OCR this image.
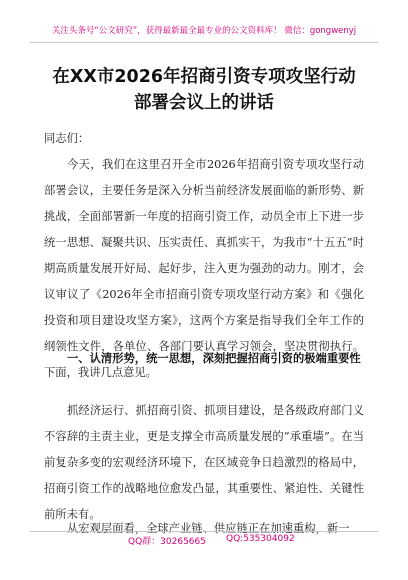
关注头条号“公文研究”，获得最新最全最专业的公文资料库！ 微信：gongwenyj
在XX市2026年招商引资专项攻坚行动
部署会议上的讲话
同志们：
今天，我们在这里召开全市2026年招商引资专项攻坚行动部署会议，主要任务是深入分析当前经济发展面临的新形势、新挑战，全面部署新一年度的招商引资工作，动员全市上下进一步统一思想、凝聚共识、压实责任、真抓实干，为我市“十五五”时期高质量发展开好局、起好步，注入更为强劲的动力。刚才，会议审议了《2026年全市招商引资专项攻坚行动方案》和《强化投资和项目建设攻坚方案》，这两个方案是指导我们全年工作的纲领性文件，各单位、各部门要认真学习领会，坚决贯彻执行。下面，我讲几点意见。
一、认清形势，统一思想，深刻把握招商引资的极端重要性
抓经济运行、抓招商引资、抓项目建设，是各级政府部门义不容辞的主责主业，更是支撑全市高质量发展的“承重墙”。在当前复杂多变的宏观经济环境下，在区域竞争日趋激烈的格局中，招商引资工作的战略地位愈发凸显，其重要性、紧迫性、关键性前所未有。
从宏观层面看，全球产业链、供应链正在加速重构，新一
QQ群：30265665 QQ:535304092
